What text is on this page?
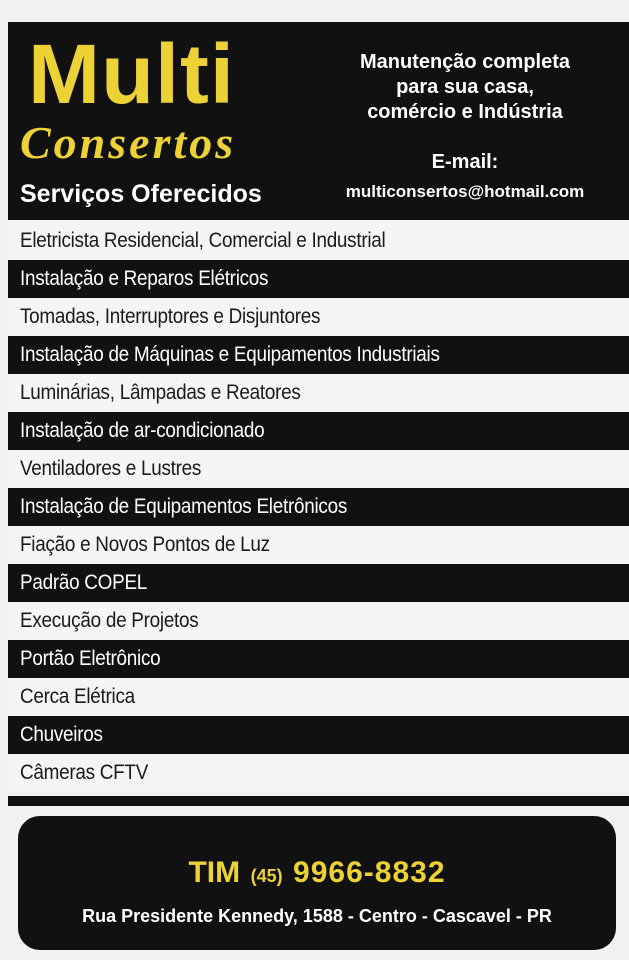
Multi
Consertos
Serviços Oferecidos
Manutenção completa
para sua casa,
comércio e Indústria
E-mail:
multiconsertos@hotmail.com
Eletricista Residencial, Comercial e Industrial
Instalação e Reparos Elétricos
Tomadas, Interruptores e Disjuntores
Instalação de Máquinas e Equipamentos Industriais
Luminárias, Lâmpadas e Reatores
Instalação de ar-condicionado
Ventiladores e Lustres
Instalação de Equipamentos Eletrônicos
Fiação e Novos Pontos de Luz
Padrão COPEL
Execução de Projetos
Portão Eletrônico
Cerca Elétrica
Chuveiros
Câmeras CFTV
TIM (45) 9966-8832
Rua Presidente Kennedy, 1588 - Centro - Cascavel - PR
